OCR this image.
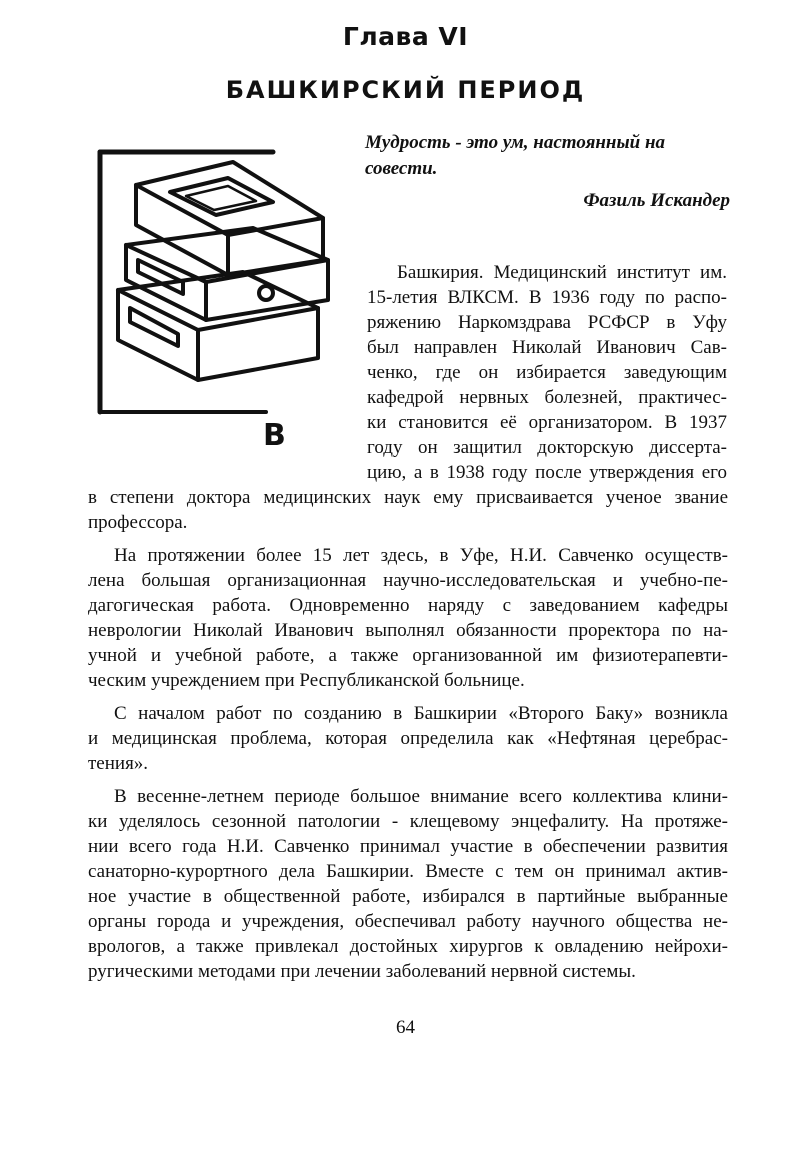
Глава VI
БАШКИРСКИЙ ПЕРИОД
В
Мудрость - это ум, настоянный на
совести.
Фазиль Искандер
Башкирия. Медицинский институт им.
15-летия ВЛКСМ. В 1936 году по распо-
ряжению Наркомздрава РСФСР в Уфу
был направлен Николай Иванович Сав-
ченко, где он избирается заведующим
кафедрой нервных болезней, практичес-
ки становится её организатором. В 1937
году он защитил докторскую диссерта-
цию, а в 1938 году после утверждения его
в степени доктора медицинских наук ему присваивается ученое звание
профессора.
На протяжении более 15 лет здесь, в Уфе, Н.И. Савченко осуществ-
лена большая организационная научно-исследовательская и учебно-пе-
дагогическая работа. Одновременно наряду с заведованием кафедры
неврологии Николай Иванович выполнял обязанности проректора по на-
учной и учебной работе, а также организованной им физиотерапевти-
ческим учреждением при Республиканской больнице.
С началом работ по созданию в Башкирии «Второго Баку» возникла
и медицинская проблема, которая определила как «Нефтяная церебрас-
тения».
В весенне-летнем периоде большое внимание всего коллектива клини-
ки уделялось сезонной патологии - клещевому энцефалиту. На протяже-
нии всего года Н.И. Савченко принимал участие в обеспечении развития
санаторно-курортного дела Башкирии. Вместе с тем он принимал актив-
ное участие в общественной работе, избирался в партийные выбранные
органы города и учреждения, обеспечивал работу научного общества не-
врологов, а также привлекал достойных хирургов к овладению нейрохи-
ругическими методами при лечении заболеваний нервной системы.
64
